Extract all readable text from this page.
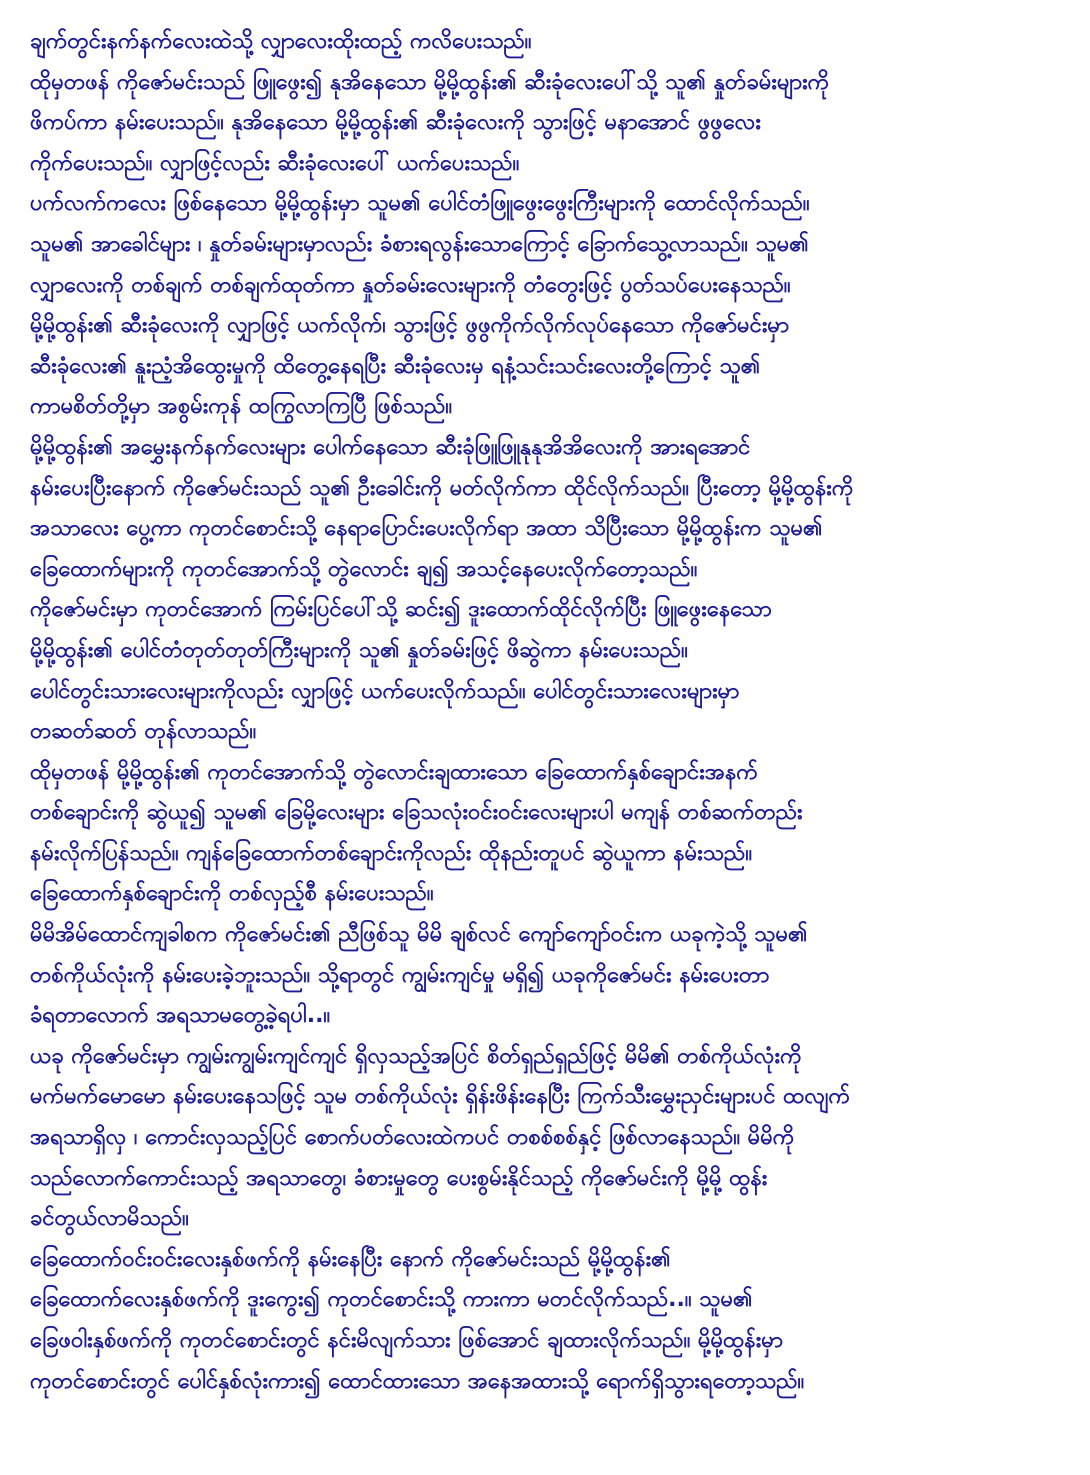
ချက်တွင်းနက်နက်လေးထဲသို့ လျှာလေးထိုးထည့် ကလိပေးသည်။
ထိုမှတဖန် ကိုဇော်မင်းသည် ဖြူဖွေး၍ နုအိနေသော မို့မို့ထွန်း၏ ဆီးခုံလေးပေါ်သို့ သူ၏ နှုတ်ခမ်းများကို
ဖိကပ်ကာ နမ်းပေးသည်။ နုအိနေသော မို့မို့ထွန်း၏ ဆီးခုံလေးကို သွားဖြင့် မနာအောင် ဖွဖွလေး
ကိုက်ပေးသည်။ လျှာဖြင့်လည်း ဆီးခုံလေးပေါ် ယက်ပေးသည်။
ပက်လက်ကလေး ဖြစ်နေသော မို့မို့ထွန်းမှာ သူမ၏ ပေါင်တံဖြူဖွေးဖွေးကြီးများကို ထောင်လိုက်သည်။
သူမ၏ အာခေါင်များ ၊ နှုတ်ခမ်းများမှာလည်း ခံစားရလွန်းသောကြောင့် ခြောက်သွေ့လာသည်။ သူမ၏
လျှာလေးကို တစ်ချက် တစ်ချက်ထုတ်ကာ နှုတ်ခမ်းလေးများကို တံတွေးဖြင့် ပွတ်သပ်ပေးနေသည်။
မို့မို့ထွန်း၏ ဆီးခုံလေးကို လျှာဖြင့် ယက်လိုက်၊ သွားဖြင့် ဖွဖွကိုက်လိုက်လုပ်နေသော ကိုဇော်မင်းမှာ
ဆီးခုံလေး၏ နူးညံ့အိထွေးမှုကို ထိတွေ့နေရပြီး ဆီးခုံလေးမှ ရနံ့သင်းသင်းလေးတို့ကြောင့် သူ၏
ကာမစိတ်တို့မှာ အစွမ်းကုန် ထကြွလာကြပြီ ဖြစ်သည်။
မို့မို့ထွန်း၏ အမွှေးနက်နက်လေးများ ပေါက်နေသော ဆီးခုံဖြူဖြူနုနုအိအိလေးကို အားရအောင်
နမ်းပေးပြီးနောက် ကိုဇော်မင်းသည် သူ၏ ဦးခေါင်းကို မတ်လိုက်ကာ ထိုင်လိုက်သည်။ ပြီးတော့ မို့မို့ထွန်းကို
အသာလေး ပွေ့ကာ ကုတင်စောင်းသို့ နေရာပြောင်းပေးလိုက်ရာ အထာ သိပြီးသော မို့မို့ထွန်းက သူမ၏
ခြေထောက်များကို ကုတင်အောက်သို့ တွဲလောင်း ချ၍ အသင့်နေပေးလိုက်တော့သည်။
ကိုဇော်မင်းမှာ ကုတင်အောက် ကြမ်းပြင်ပေါ်သို့ ဆင်း၍ ဒူးထောက်ထိုင်လိုက်ပြီး ဖြူဖွေးနေသော
မို့မို့ထွန်း၏ ပေါင်တံတုတ်တုတ်ကြီးများကို သူ၏ နှုတ်ခမ်းဖြင့် ဖိဆွဲကာ နမ်းပေးသည်။
ပေါင်တွင်းသားလေးများကိုလည်း လျှာဖြင့် ယက်ပေးလိုက်သည်။ ပေါင်တွင်းသားလေးများမှာ
တဆတ်ဆတ် တုန်လာသည်။
ထိုမှတဖန် မို့မို့ထွန်း၏ ကုတင်အောက်သို့ တွဲလောင်းချထားသော ခြေထောက်နှစ်ချောင်းအနက်
တစ်ချောင်းကို ဆွဲယူ၍ သူမ၏ ခြေမို့လေးများ ခြေသလုံးဝင်းဝင်းလေးများပါ မကျန် တစ်ဆက်တည်း
နမ်းလိုက်ပြန်သည်။ ကျန်ခြေထောက်တစ်ချောင်းကိုလည်း ထိုနည်းတူပင် ဆွဲယူကာ နမ်းသည်။
ခြေထောက်နှစ်ချောင်းကို တစ်လှည့်စီ နမ်းပေးသည်။
မိမိအိမ်ထောင်ကျခါစက ကိုဇော်မင်း၏ ညီဖြစ်သူ မိမိ ချစ်လင် ကျော်ကျော်ဝင်းက ယခုကဲ့သို့ သူမ၏
တစ်ကိုယ်လုံးကို နမ်းပေးခဲ့ဘူးသည်။ သို့ရာတွင် ကျွမ်းကျင်မှု မရှိ၍ ယခုကိုဇော်မင်း နမ်းပေးတာ
ခံရတာလောက် အရသာမတွေ့ခဲ့ရပါ..။
ယခု ကိုဇော်မင်းမှာ ကျွမ်းကျွမ်းကျင်ကျင် ရှိလှသည့်အပြင် စိတ်ရှည်ရှည်ဖြင့် မိမိ၏ တစ်ကိုယ်လုံးကို
မက်မက်မောမော နမ်းပေးနေသဖြင့် သူမ တစ်ကိုယ်လုံး ရှိန်းဖိန်းနေပြီး ကြက်သီးမွှေးညှင်းများပင် ထလျက်
အရသာရှိလှ ၊ ကောင်းလှသည့်ပြင် စောက်ပတ်လေးထဲကပင် တစစ်စစ်နှင့် ဖြစ်လာနေသည်။ မိမိကို
သည်လောက်ကောင်းသည့် အရသာတွေ၊ ခံစားမှုတွေ ပေးစွမ်းနိုင်သည့် ကိုဇော်မင်းကို မို့မို့ ထွန်း
ခင်တွယ်လာမိသည်။
ခြေထောက်ဝင်းဝင်းလေးနှစ်ဖက်ကို နမ်းနေပြီး နောက် ကိုဇော်မင်းသည် မို့မို့ထွန်း၏
ခြေထောက်လေးနှစ်ဖက်ကို ဒူးကွေး၍ ကုတင်စောင်းသို့ ကားကာ မတင်လိုက်သည်..။ သူမ၏
ခြေဖဝါးနှစ်ဖက်ကို ကုတင်စောင်းတွင် နင်းမိလျက်သား ဖြစ်အောင် ချထားလိုက်သည်။ မို့မို့ထွန်းမှာ
ကုတင်စောင်းတွင် ပေါင်နှစ်လုံးကား၍ ထောင်ထားသော အနေအထားသို့ ရောက်ရှိသွားရတော့သည်။
